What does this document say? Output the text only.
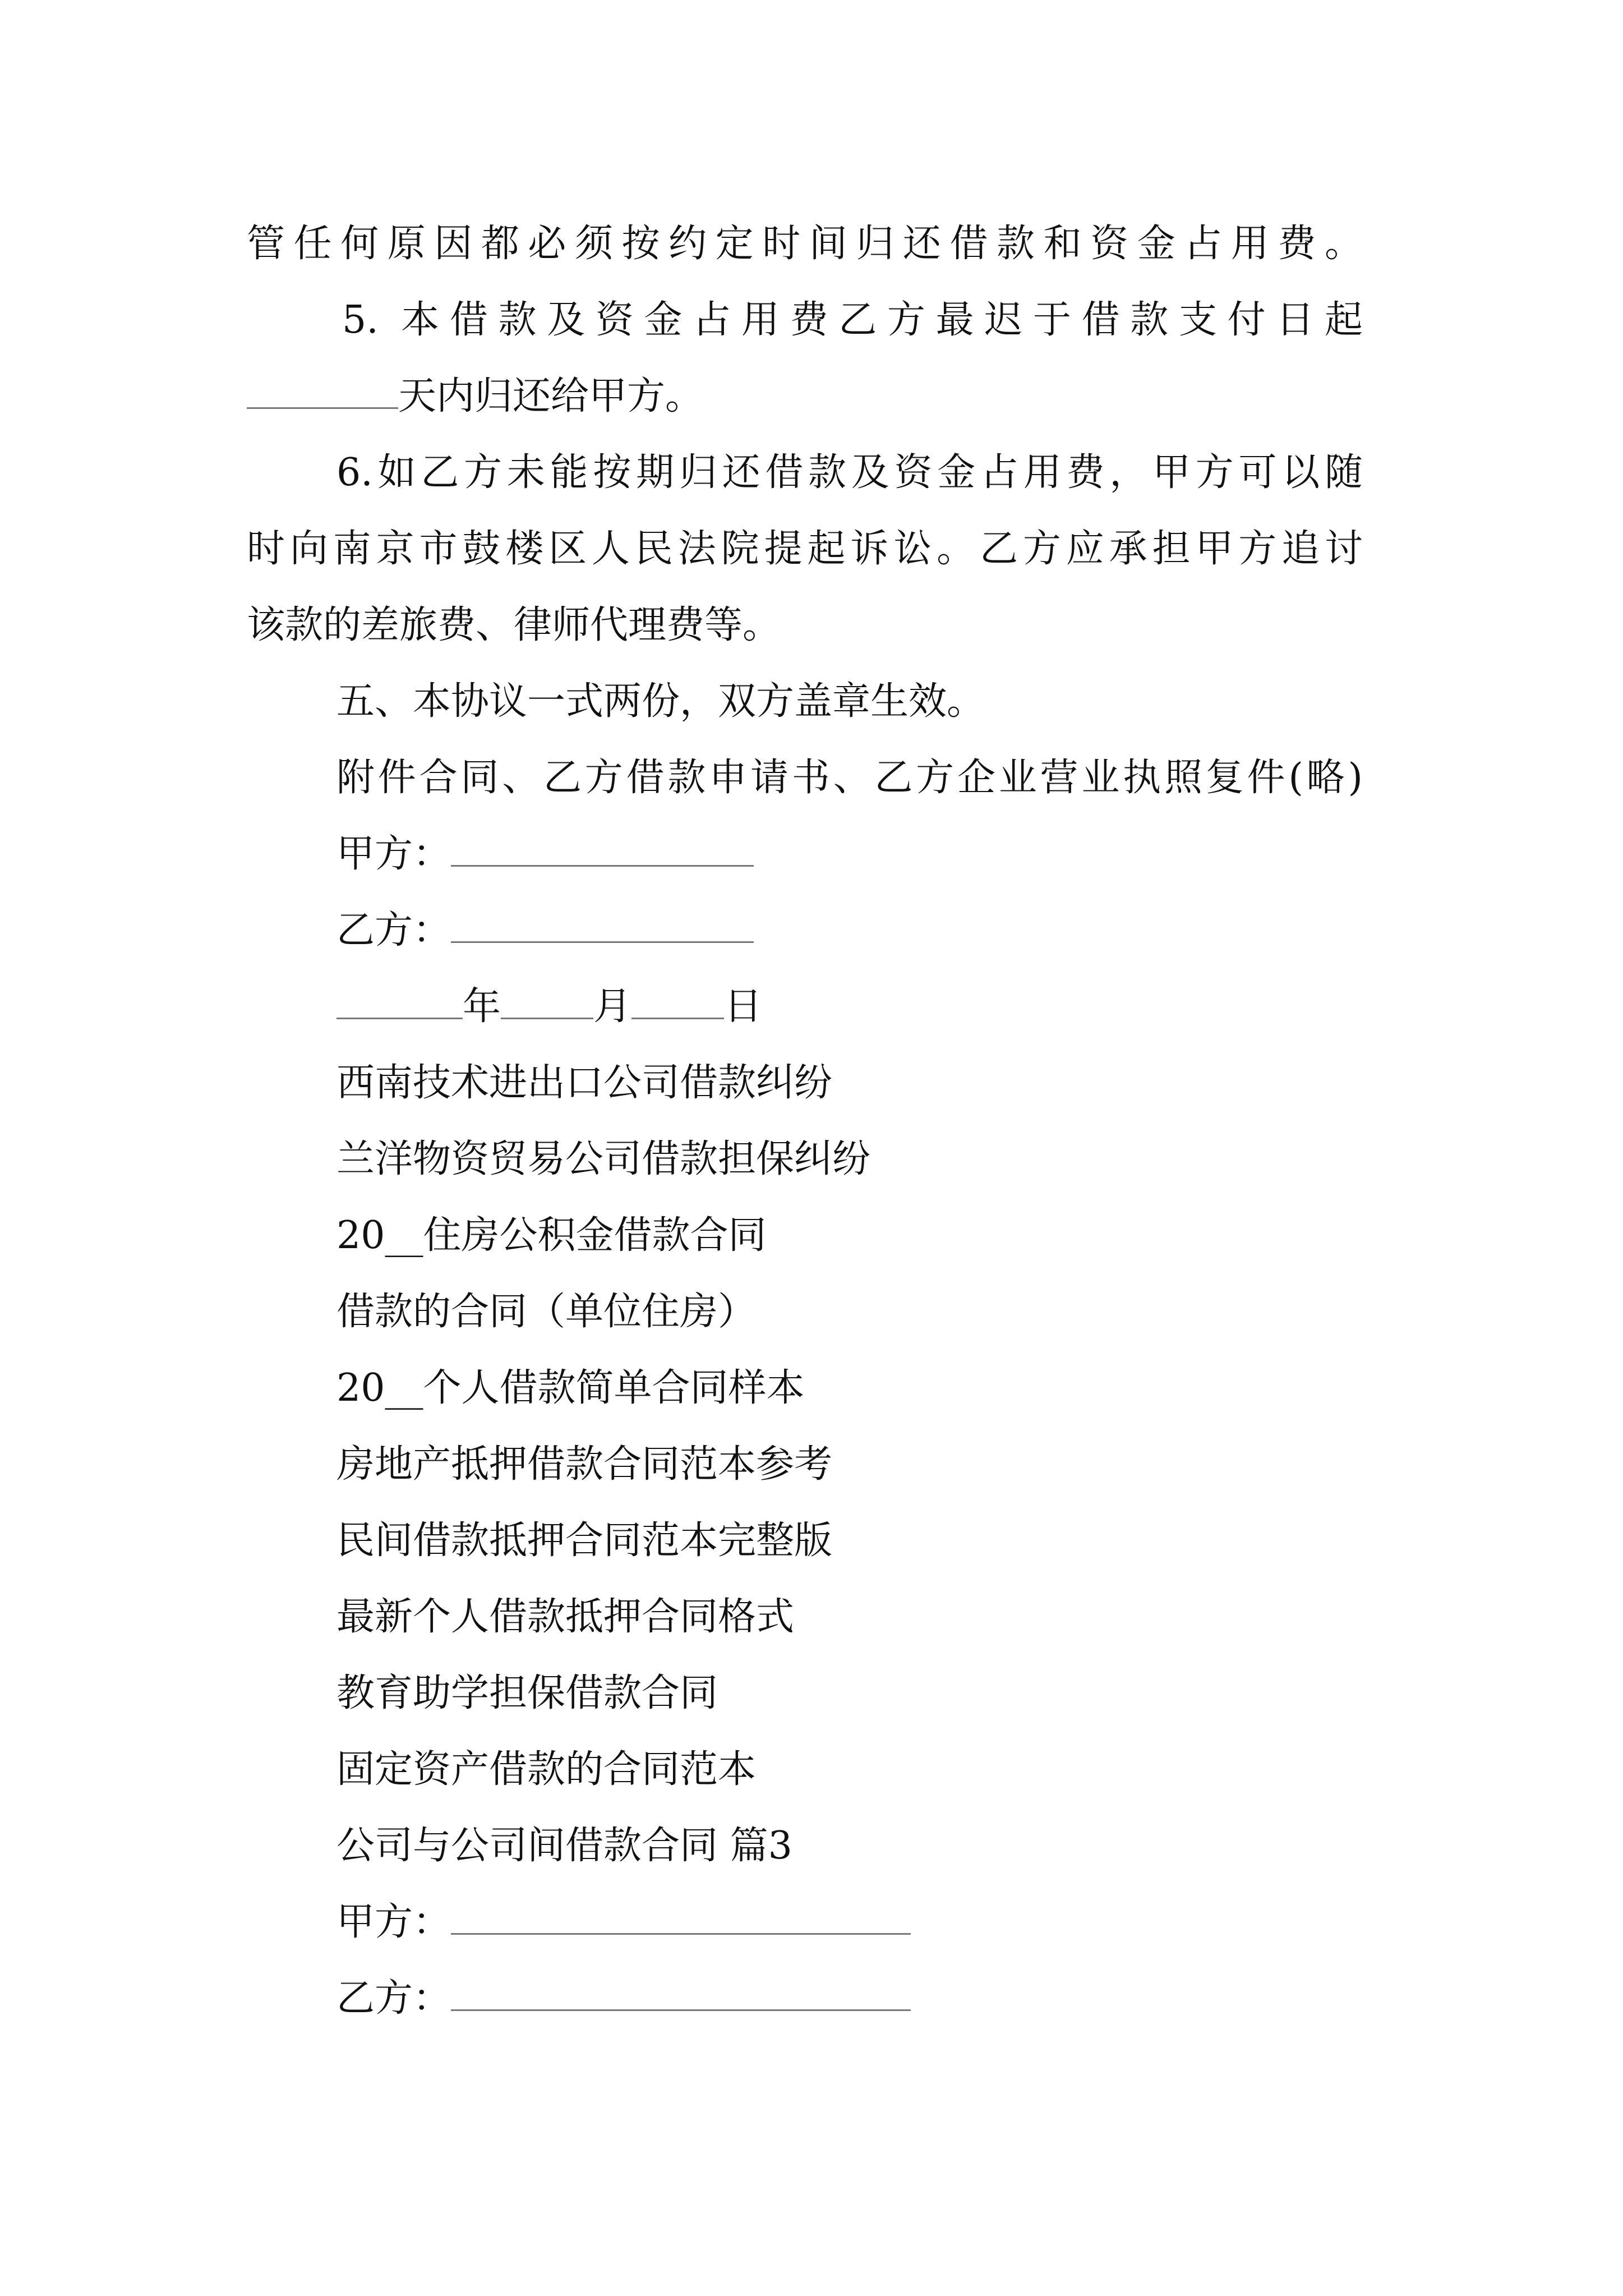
管任何原因都必须按约定时间归还借款和资金占用费。
5. 本借款及资金占用费乙方最迟于借款支付日起
天内归还给甲方。
6.如乙方未能按期归还借款及资金占用费，甲方可以随
时向南京市鼓楼区人民法院提起诉讼。乙方应承担甲方追讨
该款的差旅费、律师代理费等。
五、本协议一式两份，双方盖章生效。
附件合同、乙方借款申请书、乙方企业营业执照复件(略)
甲方：
乙方：
年 月 日
西南技术进出口公司借款纠纷
兰洋物资贸易公司借款担保纠纷
20__住房公积金借款合同
借款的合同（单位住房）
20__个人借款简单合同样本
房地产抵押借款合同范本参考
民间借款抵押合同范本完整版
最新个人借款抵押合同格式
教育助学担保借款合同
固定资产借款的合同范本
公司与公司间借款合同 篇3
甲方：
乙方：
